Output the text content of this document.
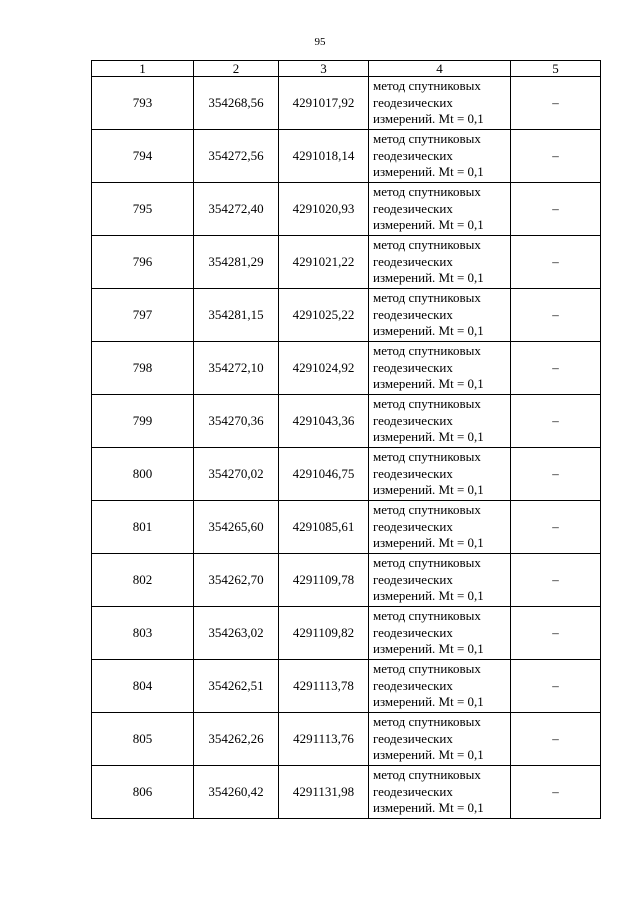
95
1	2	3	4	5
793	354268,56	4291017,92	метод спутниковых геодезических измерений. Mt = 0,1	–
794	354272,56	4291018,14	метод спутниковых геодезических измерений. Mt = 0,1	–
795	354272,40	4291020,93	метод спутниковых геодезических измерений. Mt = 0,1	–
796	354281,29	4291021,22	метод спутниковых геодезических измерений. Mt = 0,1	–
797	354281,15	4291025,22	метод спутниковых геодезических измерений. Mt = 0,1	–
798	354272,10	4291024,92	метод спутниковых геодезических измерений. Mt = 0,1	–
799	354270,36	4291043,36	метод спутниковых геодезических измерений. Mt = 0,1	–
800	354270,02	4291046,75	метод спутниковых геодезических измерений. Mt = 0,1	–
801	354265,60	4291085,61	метод спутниковых геодезических измерений. Mt = 0,1	–
802	354262,70	4291109,78	метод спутниковых геодезических измерений. Mt = 0,1	–
803	354263,02	4291109,82	метод спутниковых геодезических измерений. Mt = 0,1	–
804	354262,51	4291113,78	метод спутниковых геодезических измерений. Mt = 0,1	–
805	354262,26	4291113,76	метод спутниковых геодезических измерений. Mt = 0,1	–
806	354260,42	4291131,98	метод спутниковых геодезических измерений. Mt = 0,1	–
